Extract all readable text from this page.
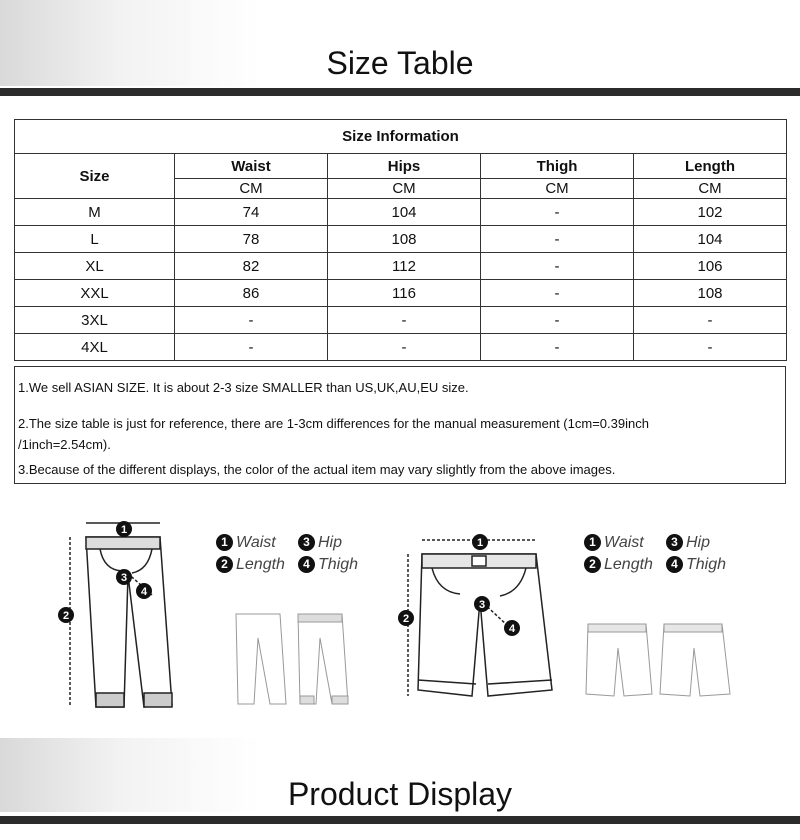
Size Table
Size Information				
Size	Waist	Hips	Thigh	Length
	CM	CM	CM	CM
M	74	104	-	102
L	78	108	-	104
XL	82	112	-	106
XXL	86	116	-	108
3XL	-	-	-	-
4XL	-	-	-	-
1.We sell ASIAN SIZE. It is about 2-3 size SMALLER than US,UK,AU,EU size.
2.The size table is just for reference, there are 1-3cm differences for the manual measurement (1cm=0.39inch /1inch=2.54cm).
3.Because of the different displays, the color of the actual item may vary slightly from the above images.
1
2
3
4
1 Waist	3 Hip
2 Length	4 Thigh
1
2
3
4
1 Waist	3 Hip
2 Length	4 Thigh
Product Display
